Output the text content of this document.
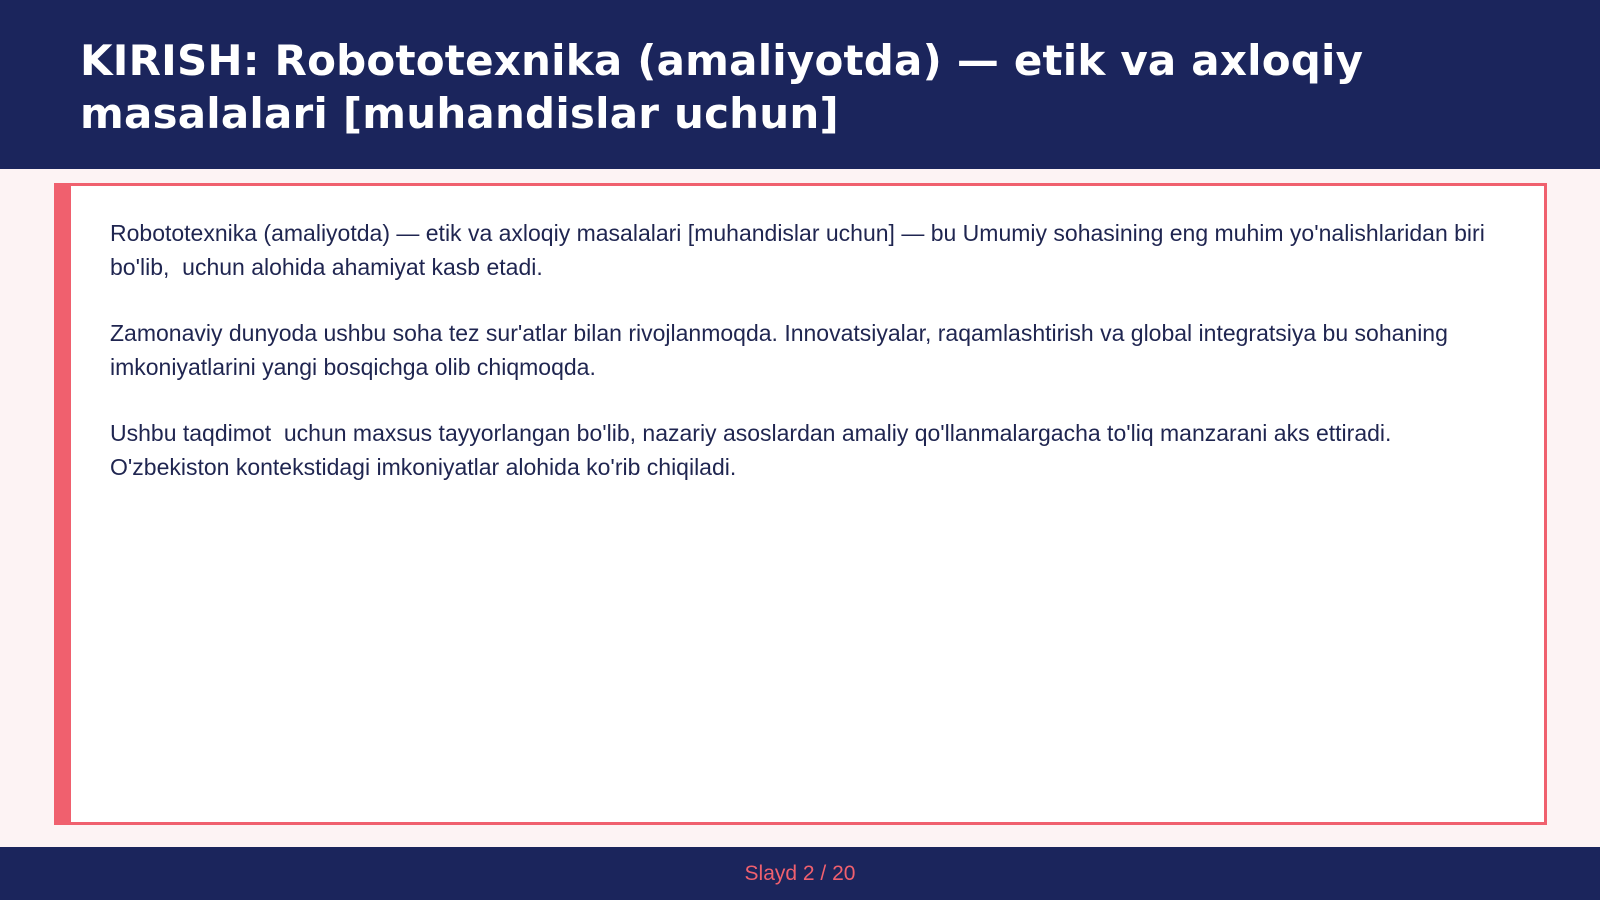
KIRISH: Robototexnika (amaliyotda) — etik va axloqiy masalalari [muhandislar uchun]

Robototexnika (amaliyotda) — etik va axloqiy masalalari [muhandislar uchun] — bu Umumiy sohasining eng muhim yo'nalishlaridan biri bo'lib,  uchun alohida ahamiyat kasb etadi.

Zamonaviy dunyoda ushbu soha tez sur'atlar bilan rivojlanmoqda. Innovatsiyalar, raqamlashtirish va global integratsiya bu sohaning imkoniyatlarini yangi bosqichga olib chiqmoqda.

Ushbu taqdimot  uchun maxsus tayyorlangan bo'lib, nazariy asoslardan amaliy qo'llanmalargacha to'liq manzarani aks ettiradi. O'zbekiston kontekstidagi imkoniyatlar alohida ko'rib chiqiladi.

Slayd 2 / 20
